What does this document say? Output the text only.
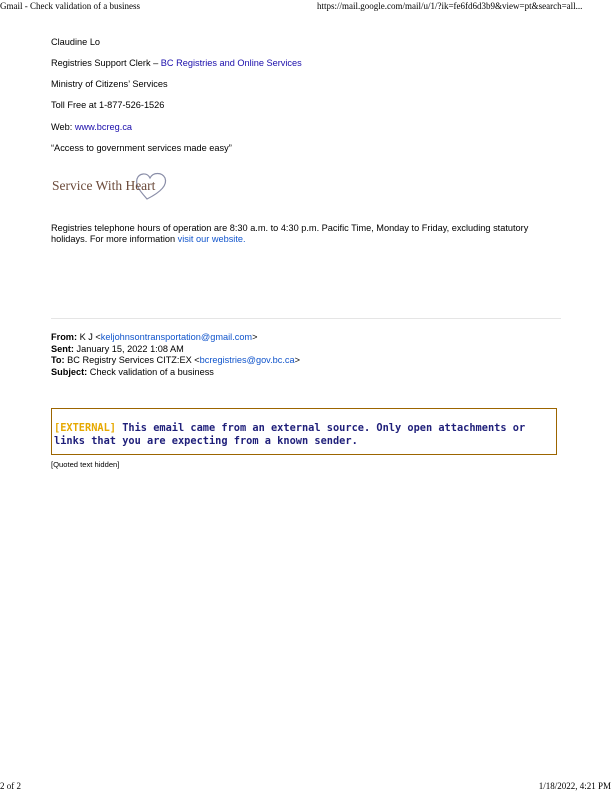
Gmail - Check validation of a business	https://mail.google.com/mail/u/1/?ik=fe6fd6d3b9&view=pt&search=all...
Claudine Lo
Registries Support Clerk – BC Registries and Online Services
Ministry of Citizens’ Services
Toll Free at 1-877-526-1526
Web: www.bcreg.ca
“Access to government services made easy”
Service With Heart
Registries telephone hours of operation are 8:30 a.m. to 4:30 p.m. Pacific Time, Monday to Friday, excluding statutory holidays. For more information visit our website.
From: K J <keljohnsontransportation@gmail.com>
Sent: January 15, 2022 1:08 AM
To: BC Registry Services CITZ:EX <bcregistries@gov.bc.ca>
Subject: Check validation of a business
[EXTERNAL] This email came from an external source. Only open attachments or links that you are expecting from a known sender.
[Quoted text hidden]
2 of 2	1/18/2022, 4:21 PM
